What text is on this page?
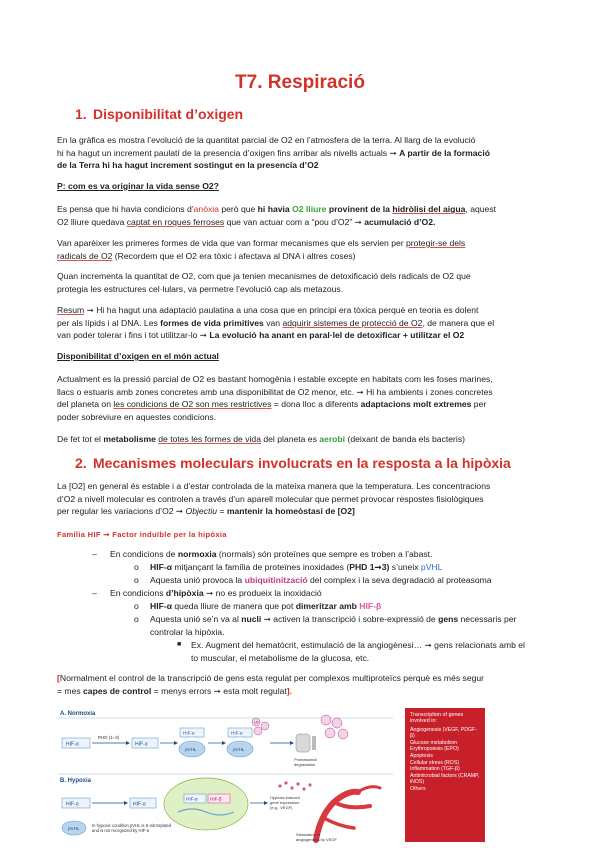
T7. Respiració
1. Disponibilitat d’oxigen
En la gràfica es mostra l’evolució de la quantitat parcial de O2 en l’atmosfera de la terra. Al llarg de la evolució
hi ha hagut un increment paulatí de la presencia d’oxigen fins arribar als nivells actuals ➞ A partir de la formació
de la Terra hi ha hagut increment sostingut en la presencia d’O2
P: com es va originar la vida sense O2?
Es pensa que hi havia condicions d’anòxia però que hi havia O2 lliure provinent de la hidròlisi del aigua, aquest
O2 lliure quedava captat en roques ferroses que van actuar com a “pou d’O2” ➞ acumulació d’O2.
Van aparèixer les primeres formes de vida que van formar mecanismes que els servien per protegir-se dels
radicals de O2 (Recordem que el O2 era tòxic i afectava al DNA i altres coses)
Quan incrementa la quantitat de O2, com que ja tenien mecanismes de detoxificació dels radicals de O2 que
protegia les estructures cel·lulars, va permetre l’evolució cap als metazous.
Resum ➞ Hi ha hagut una adaptació paulatina a una cosa que en principi era tòxica perquè en teoria es dolent
per als lípids i al DNA. Les formes de vida primitives van adquirir sistemes de protecció de O2, de manera que el
van poder tolerar i fins i tot utilitzar-lo ➞ La evolució ha anant en paral·lel de detoxificar + utilitzar el O2
Disponibilitat d’oxigen en el món actual
Actualment es la pressió parcial de O2 es bastant homogènia i estable excepte en habitats com les foses marines,
llacs o estuaris amb zones concretes amb una disponibilitat de O2 menor, etc. ➞ Hi ha ambients i zones concretes
del planeta on les condicions de O2 son mes restrictives = dona lloc a diferents adaptacions molt extremes per
poder sobreviure en aquestes condicions.
De fet tot el metabolisme de totes les formes de vida del planeta es aerobi (deixant de banda els bacteris)
2. Mecanismes moleculars involucrats en la resposta a la hipòxia
La [O2] en general és estable i a d’estar controlada de la mateixa manera que la temperatura. Les concentracions
d’O2 a nivell molecular es controlen a través d’un aparell molecular que permet provocar respostes fisiològiques
per regular les variacions d’O2 ➞ Objectiu = mantenir la homeòstasi de [O2]
Família HIF ➞ Factor induïble per la hipòxia
– En condicions de normoxia (normals) són proteïnes que sempre es troben a l’abast.
o HIF-α mitjançant la família de proteïnes inoxidades (PHD 1➞3) s’uneix pVHL
o Aquesta unió provoca la ubiquitinització del complex i la seva degradació al proteasoma
– En condicions d’hipòxia ➞ no es produeix la inoxidació
o HIF-α queda lliure de manera que pot dimeritzar amb HIF-β
o Aquesta unió se’n va al nucli ➞ activen la transcripció i sobre-expressió de gens necessaris per
controlar la hipòxia.
■ Ex. Augment del hematòcrit, estimulació de la angiogènesi… ➞ gens relacionats amb el
to muscular, el metabolisme de la glucosa, etc.
[Normalment el control de la transcripció de gens esta regulat per complexos multiproteïcs perquè es més segur
= mes capes de control = menys errors ➞ esta molt regulat].
A. Normoxia
HIF-α
PHD (1–3)
HIF-α
HIF-α
pVHL
HIF-α
pVHL
Ub
Proteasomal
degradation
B. Hypoxia
HIF-α	HIF-α
HIF-α	HIF-β	Hypoxia-induced
gene expression
(e.g., VEGF)
pVHL
In hypoxic condition pVHL is S-nitrosylated
and is not recognized by HIF-α
Stimulation of
angiogenesis by VEGF
Transcription of genes involved in:
Angiogenesis (VEGF, PDGF-β)
Glucose metabolism
Erythropoiesis (EPO)
Apoptosis
Cellular stress (ROS)
Inflammation (TGF-β)
Antimicrobial factors (CRAMP, iNOS)
Others
